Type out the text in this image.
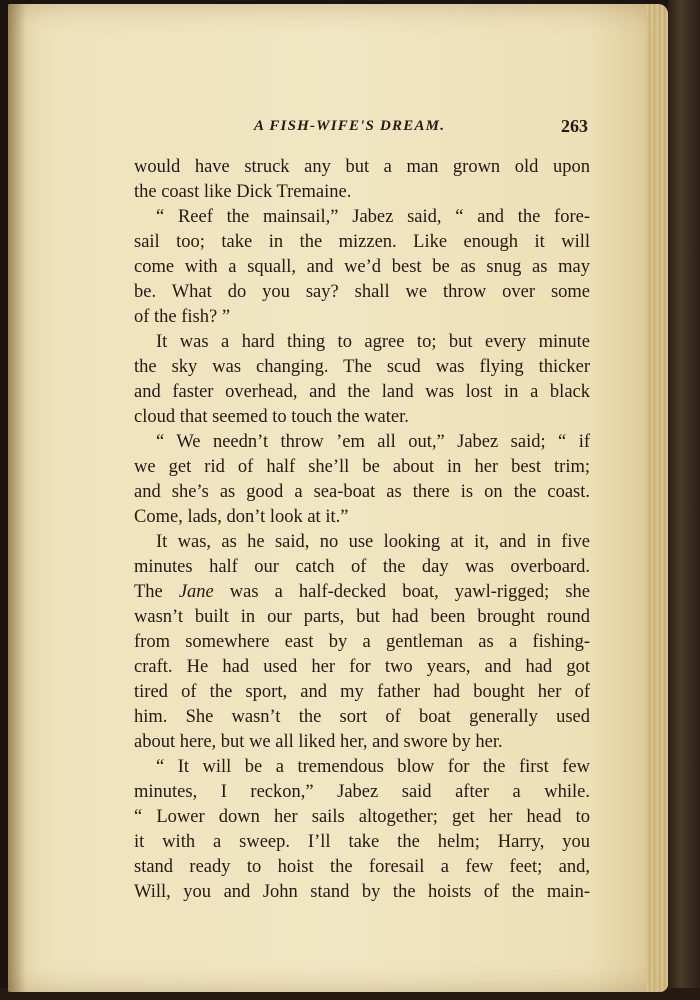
A FISH-WIFE'S DREAM.	263
would have struck any but a man grown old upon
the coast like Dick Tremaine.
“ Reef the mainsail,” Jabez said, “ and the fore-
sail too; take in the mizzen. Like enough it will
come with a squall, and we’d best be as snug as may
be. What do you say? shall we throw over some
of the fish? ”
It was a hard thing to agree to; but every minute
the sky was changing. The scud was flying thicker
and faster overhead, and the land was lost in a black
cloud that seemed to touch the water.
“ We needn’t throw ’em all out,” Jabez said; “ if
we get rid of half she’ll be about in her best trim;
and she’s as good a sea-boat as there is on the coast.
Come, lads, don’t look at it.”
It was, as he said, no use looking at it, and in five
minutes half our catch of the day was overboard.
The Jane was a half-decked boat, yawl-rigged; she
wasn’t built in our parts, but had been brought round
from somewhere east by a gentleman as a fishing-
craft. He had used her for two years, and had got
tired of the sport, and my father had bought her of
him. She wasn’t the sort of boat generally used
about here, but we all liked her, and swore by her.
“ It will be a tremendous blow for the first few
minutes, I reckon,” Jabez said after a while.
“ Lower down her sails altogether; get her head to
it with a sweep. I’ll take the helm; Harry, you
stand ready to hoist the foresail a few feet; and,
Will, you and John stand by the hoists of the main-
